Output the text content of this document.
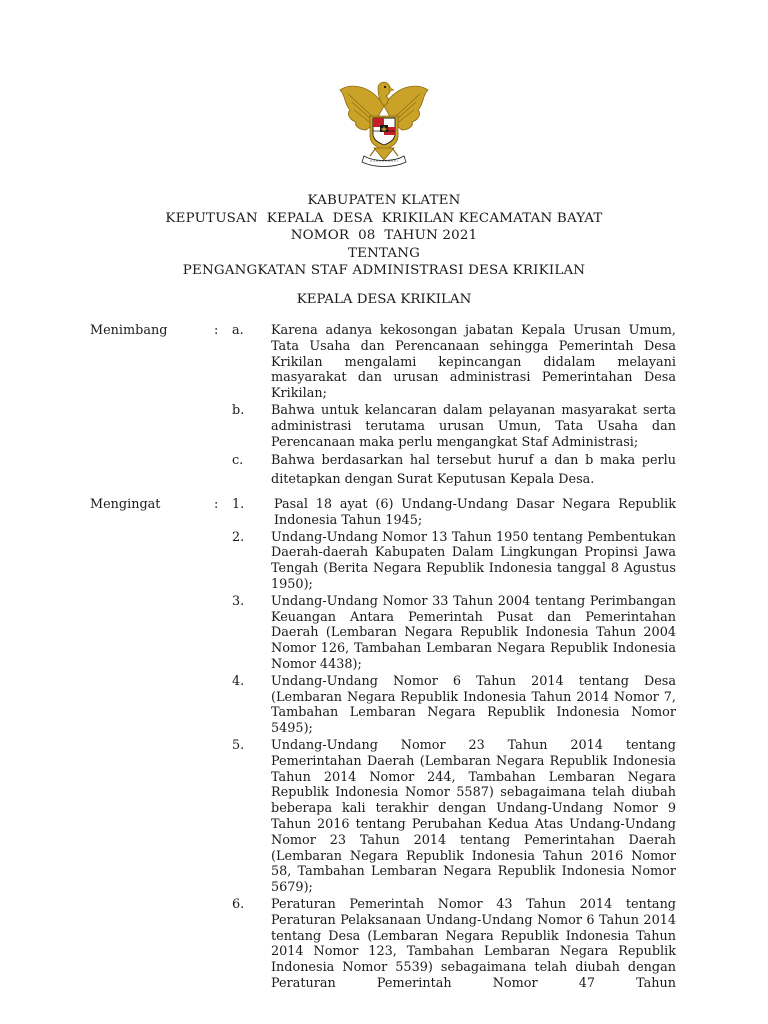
KABUPATEN KLATEN
KEPUTUSAN  KEPALA  DESA  KRIKILAN KECAMATAN BAYAT
NOMOR  08  TAHUN 2021
TENTANG
PENGANGKATAN STAF ADMINISTRASI DESA KRIKILAN
KEPALA DESA KRIKILAN
Menimbang	: a. Karena adanya kekosongan jabatan Kepala Urusan Umum, Tata Usaha dan Perencanaan sehingga Pemerintah Desa Krikilan mengalami kepincangan didalam melayani masyarakat dan urusan administrasi Pemerintahan Desa Krikilan;
b. Bahwa untuk kelancaran dalam pelayanan masyarakat serta administrasi terutama urusan Umun, Tata Usaha dan Perencanaan maka perlu mengangkat Staf Administrasi;
c. Bahwa berdasarkan hal tersebut huruf a dan b maka perlu ditetapkan dengan Surat Keputusan Kepala Desa.
Mengingat	: 1. Pasal 18 ayat (6) Undang-Undang Dasar Negara Republik Indonesia Tahun 1945;
2. Undang-Undang Nomor 13 Tahun 1950 tentang Pembentukan Daerah-daerah Kabupaten Dalam Lingkungan Propinsi Jawa Tengah (Berita Negara Republik Indonesia tanggal 8 Agustus 1950);
3. Undang-Undang Nomor 33 Tahun 2004 tentang Perimbangan Keuangan Antara Pemerintah Pusat dan Pemerintahan Daerah (Lembaran Negara Republik Indonesia Tahun 2004 Nomor 126, Tambahan Lembaran Negara Republik Indonesia Nomor 4438);
4. Undang-Undang Nomor 6 Tahun 2014 tentang Desa (Lembaran Negara Republik Indonesia Tahun 2014 Nomor 7, Tambahan Lembaran Negara Republik Indonesia Nomor 5495);
5. Undang-Undang Nomor 23 Tahun 2014 tentang Pemerintahan Daerah (Lembaran Negara Republik Indonesia Tahun 2014 Nomor 244, Tambahan Lembaran Negara Republik Indonesia Nomor 5587) sebagaimana telah diubah beberapa kali terakhir dengan Undang-Undang Nomor 9 Tahun 2016 tentang Perubahan Kedua Atas Undang-Undang Nomor 23 Tahun 2014 tentang Pemerintahan Daerah (Lembaran Negara Republik Indonesia Tahun 2016 Nomor 58, Tambahan Lembaran Negara Republik Indonesia Nomor 5679);
6. Peraturan Pemerintah Nomor 43 Tahun 2014 tentang Peraturan Pelaksanaan Undang-Undang Nomor 6 Tahun 2014 tentang Desa (Lembaran Negara Republik Indonesia Tahun 2014 Nomor 123, Tambahan Lembaran Negara Republik Indonesia Nomor 5539) sebagaimana telah diubah dengan Peraturan Pemerintah Nomor 47 Tahun
